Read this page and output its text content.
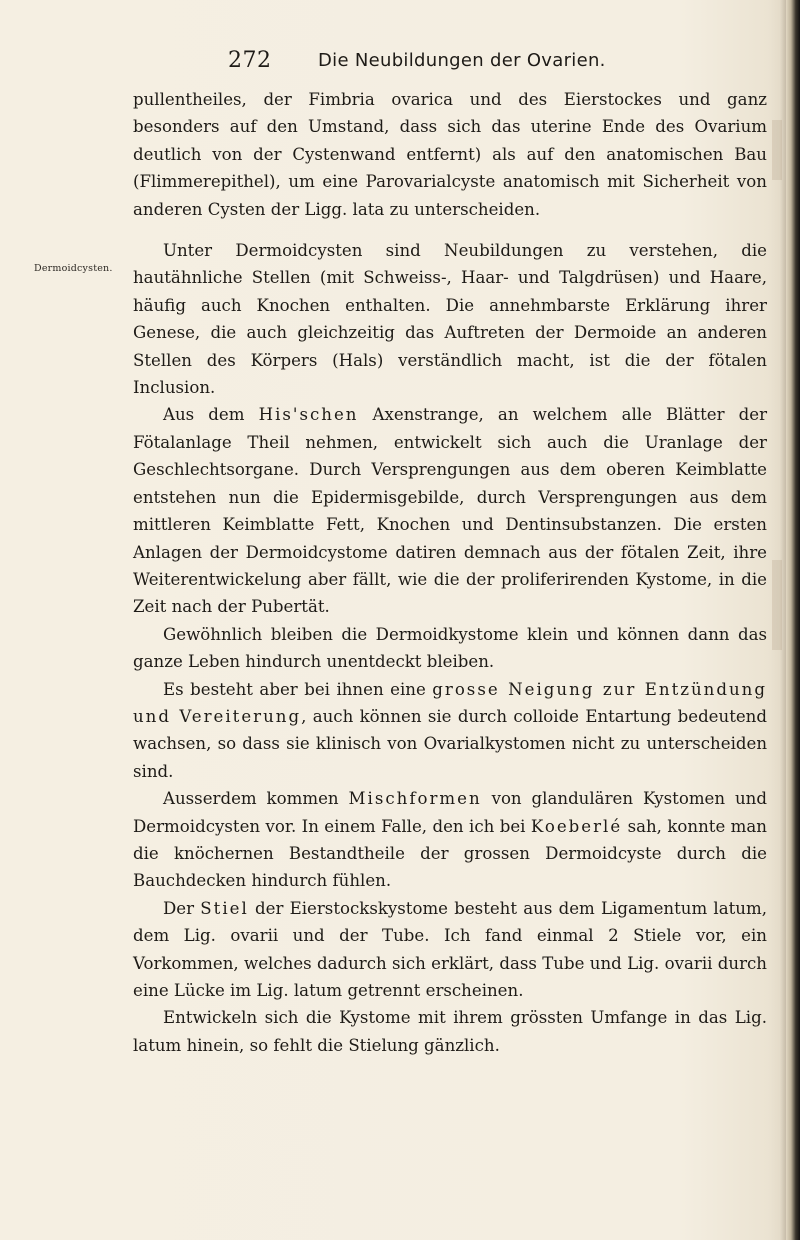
272	Die Neubildungen der Ovarien.
Dermoidcysten.

pullentheiles, der Fimbria ovarica und des Eierstockes und ganz besonders auf den Umstand, dass sich das uterine Ende des Ovarium deutlich von der Cystenwand entfernt) als auf den anatomischen Bau (Flimmerepithel), um eine Parovarialcyste anatomisch mit Sicherheit von anderen Cysten der Ligg. lata zu unterscheiden.

Unter Dermoidcysten sind Neubildungen zu verstehen, die hautähnliche Stellen (mit Schweiss-, Haar- und Talgdrüsen) und Haare, häufig auch Knochen enthalten. Die annehmbarste Erklärung ihrer Genese, die auch gleichzeitig das Auftreten der Dermoide an anderen Stellen des Körpers (Hals) verständlich macht, ist die der fötalen Inclusion.

Aus dem His'schen Axenstrange, an welchem alle Blätter der Fötalanlage Theil nehmen, entwickelt sich auch die Uranlage der Geschlechtsorgane. Durch Versprengungen aus dem oberen Keimblatte entstehen nun die Epidermisgebilde, durch Versprengungen aus dem mittleren Keimblatte Fett, Knochen und Dentinsubstanzen. Die ersten Anlagen der Dermoidcystome datiren demnach aus der fötalen Zeit, ihre Weiterentwickelung aber fällt, wie die der proliferirenden Kystome, in die Zeit nach der Pubertät.

Gewöhnlich bleiben die Dermoidkystome klein und können dann das ganze Leben hindurch unentdeckt bleiben.

Es besteht aber bei ihnen eine grosse Neigung zur Entzündung und Vereiterung, auch können sie durch colloide Entartung bedeutend wachsen, so dass sie klinisch von Ovarialkystomen nicht zu unterscheiden sind.

Ausserdem kommen Mischformen von glandulären Kystomen und Dermoidcysten vor. In einem Falle, den ich bei Koeberlé sah, konnte man die knöchernen Bestandtheile der grossen Dermoidcyste durch die Bauchdecken hindurch fühlen.

Der Stiel der Eierstockskystome besteht aus dem Ligamentum latum, dem Lig. ovarii und der Tube. Ich fand einmal 2 Stiele vor, ein Vorkommen, welches dadurch sich erklärt, dass Tube und Lig. ovarii durch eine Lücke im Lig. latum getrennt erscheinen.

Entwickeln sich die Kystome mit ihrem grössten Umfange in das Lig. latum hinein, so fehlt die Stielung gänzlich.
